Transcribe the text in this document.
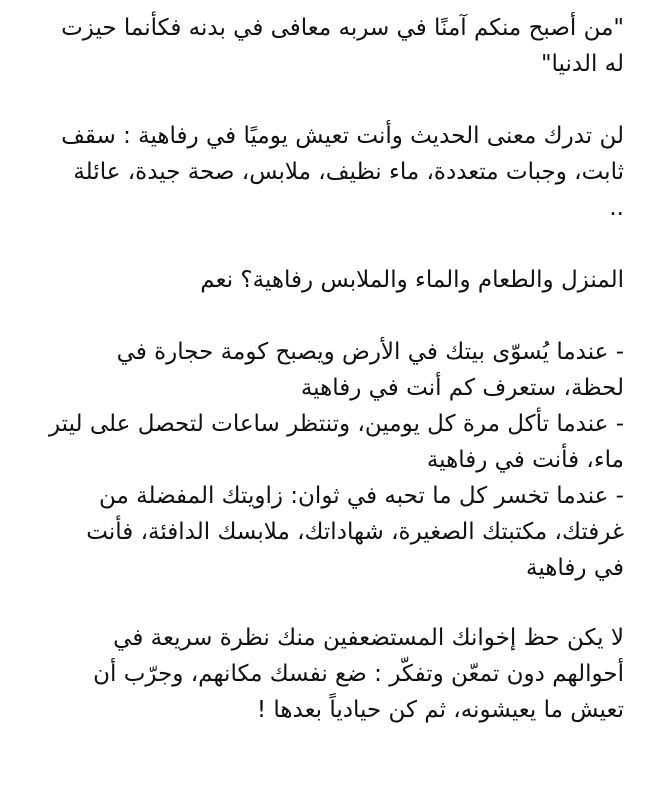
"من أصبح منكم آمنًا في سربه معافى في بدنه فكأنما حيزت

له الدنيا"

لن تدرك معنى الحديث وأنت تعيش يوميًا في رفاهية : سقف

ثابت، وجبات متعددة، ماء نظيف، ملابس، صحة جيدة، عائلة

..

المنزل والطعام والماء والملابس رفاهية؟ نعم

- عندما يُسوّى بيتك في الأرض ويصبح كومة حجارة في

لحظة، ستعرف كم أنت في رفاهية

- عندما تأكل مرة كل يومين، وتنتظر ساعات لتحصل على ليتر

ماء، فأنت في رفاهية

- عندما تخسر كل ما تحبه في ثوان: زاويتك المفضلة من

غرفتك، مكتبتك الصغيرة، شهاداتك، ملابسك الدافئة، فأنت

في رفاهية

لا يكن حظ إخوانك المستضعفين منك نظرة سريعة في

أحوالهم دون تمعّن وتفكّر : ضع نفسك مكانهم، وجرّب أن

تعيش ما يعيشونه، ثم كن حيادياً بعدها !
